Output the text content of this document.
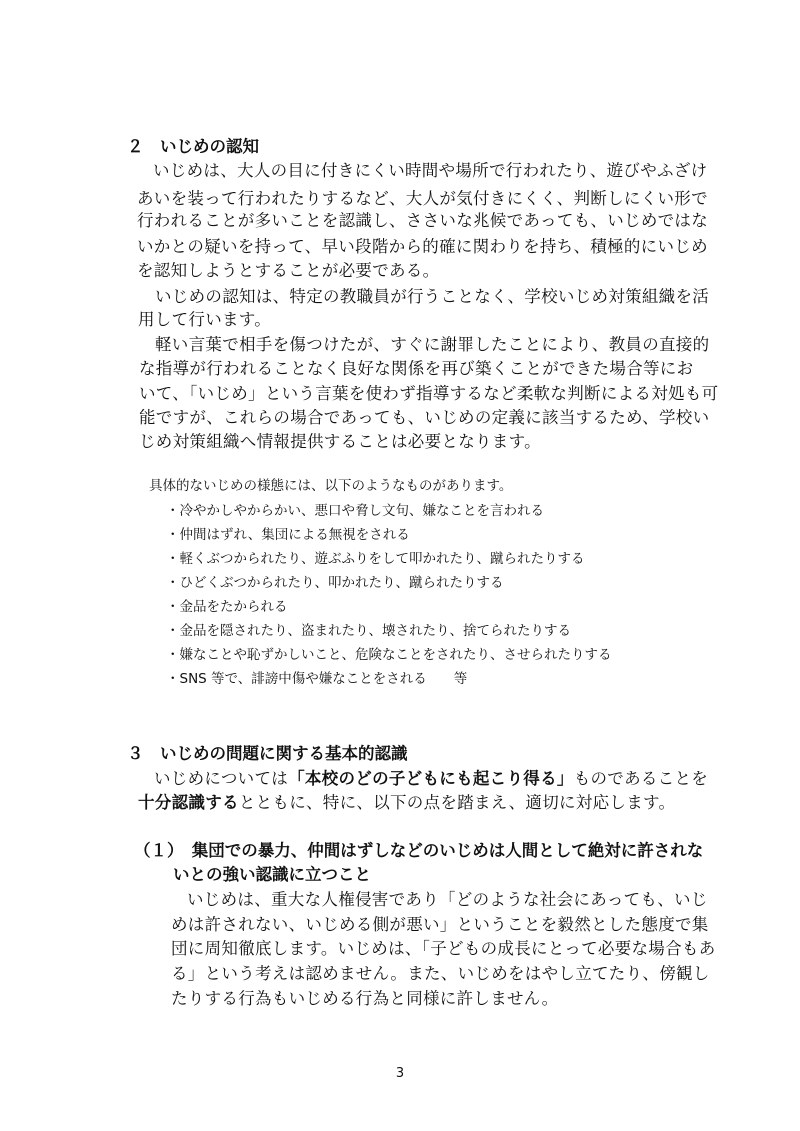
２　いじめの認知
いじめは、大人の目に付きにくい時間や場所で行われたり、遊びやふざけ
あいを装って行われたりするなど、大人が気付きにくく、判断しにくい形で
行われることが多いことを認識し、ささいな兆候であっても、いじめではな
いかとの疑いを持って、早い段階から的確に関わりを持ち、積極的にいじめ
を認知しようとすることが必要である。
いじめの認知は、特定の教職員が行うことなく、学校いじめ対策組織を活
用して行います。
軽い言葉で相手を傷つけたが、すぐに謝罪したことにより、教員の直接的
な指導が行われることなく良好な関係を再び築くことができた場合等にお
いて、「いじめ」という言葉を使わず指導するなど柔軟な判断による対処も可
能ですが、これらの場合であっても、いじめの定義に該当するため、学校い
じめ対策組織へ情報提供することは必要となります。
具体的ないじめの様態には、以下のようなものがあります。
・冷やかしやからかい、悪口や脅し文句、嫌なことを言われる
・仲間はずれ、集団による無視をされる
・軽くぶつかられたり、遊ぶふりをして叩かれたり、蹴られたりする
・ひどくぶつかられたり、叩かれたり、蹴られたりする
・金品をたかられる
・金品を隠されたり、盗まれたり、壊されたり、捨てられたりする
・嫌なことや恥ずかしいこと、危険なことをされたり、させられたりする
・SNS 等で、誹謗中傷や嫌なことをされる　　等
３　いじめの問題に関する基本的認識
いじめについては「本校のどの子どもにも起こり得る」ものであることを
十分認識するとともに、特に、以下の点を踏まえ、適切に対応します。
（１）　集団での暴力、仲間はずしなどのいじめは人間として絶対に許されな
いとの強い認識に立つこと
いじめは、重大な人権侵害であり「どのような社会にあっても、いじ
めは許されない、いじめる側が悪い」ということを毅然とした態度で集
団に周知徹底します。いじめは、「子どもの成長にとって必要な場合もあ
る」という考えは認めません。また、いじめをはやし立てたり、傍観し
たりする行為もいじめる行為と同様に許しません。
3
